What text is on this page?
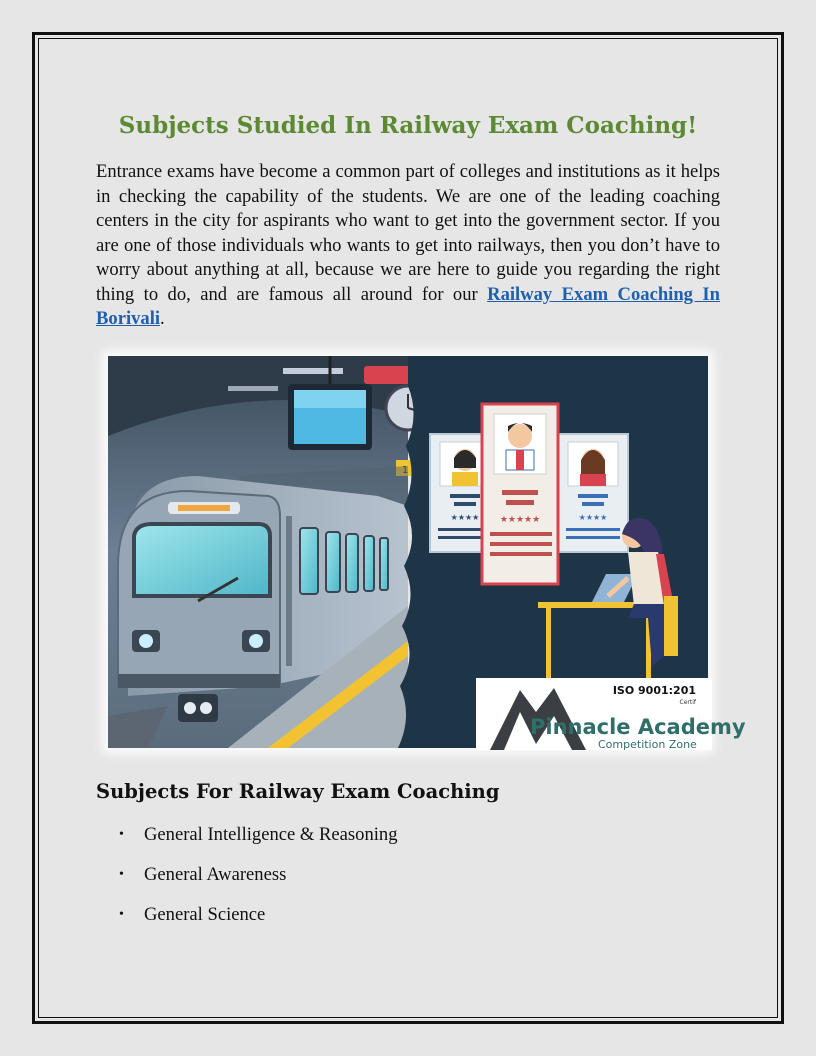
Subjects Studied In Railway Exam Coaching!

Entrance exams have become a common part of colleges and institutions as it helps in checking the capability of the students. We are one of the leading coaching centers in the city for aspirants who want to get into the government sector. If you are one of those individuals who wants to get into railways, then you don’t have to worry about anything at all, because we are here to guide you regarding the right thing to do, and are famous all around for our Railway Exam Coaching In Borivali.

★★★★	★★★★
★★★★★
ISO 9001:201
Certif
Pinnacle Academy
Competition Zone
Subjects For Railway Exam Coaching
• General Intelligence & Reasoning
• General Awareness
• General Science
